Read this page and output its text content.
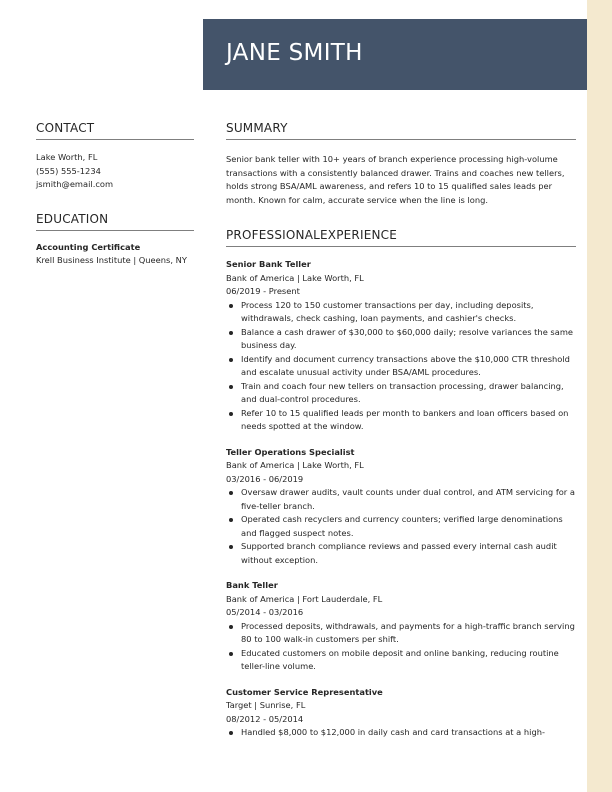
JANE SMITH
CONTACT
Lake Worth, FL
(555) 555-1234
jsmith@email.com
EDUCATION
Accounting Certificate
Krell Business Institute | Queens, NY
SUMMARY
Senior bank teller with 10+ years of branch experience processing high-volume transactions with a consistently balanced drawer. Trains and coaches new tellers, holds strong BSA/AML awareness, and refers 10 to 15 qualified sales leads per month. Known for calm, accurate service when the line is long.
PROFESSIONALEXPERIENCE
Senior Bank Teller
Bank of America | Lake Worth, FL
06/2019 - Present
Process 120 to 150 customer transactions per day, including deposits, withdrawals, check cashing, loan payments, and cashier's checks.
Balance a cash drawer of $30,000 to $60,000 daily; resolve variances the same business day.
Identify and document currency transactions above the $10,000 CTR threshold and escalate unusual activity under BSA/AML procedures.
Train and coach four new tellers on transaction processing, drawer balancing, and dual-control procedures.
Refer 10 to 15 qualified leads per month to bankers and loan officers based on needs spotted at the window.
Teller Operations Specialist
Bank of America | Lake Worth, FL
03/2016 - 06/2019
Oversaw drawer audits, vault counts under dual control, and ATM servicing for a five-teller branch.
Operated cash recyclers and currency counters; verified large denominations and flagged suspect notes.
Supported branch compliance reviews and passed every internal cash audit without exception.
Bank Teller
Bank of America | Fort Lauderdale, FL
05/2014 - 03/2016
Processed deposits, withdrawals, and payments for a high-traffic branch serving 80 to 100 walk-in customers per shift.
Educated customers on mobile deposit and online banking, reducing routine teller-line volume.
Customer Service Representative
Target | Sunrise, FL
08/2012 - 05/2014
Handled $8,000 to $12,000 in daily cash and card transactions at a high-
